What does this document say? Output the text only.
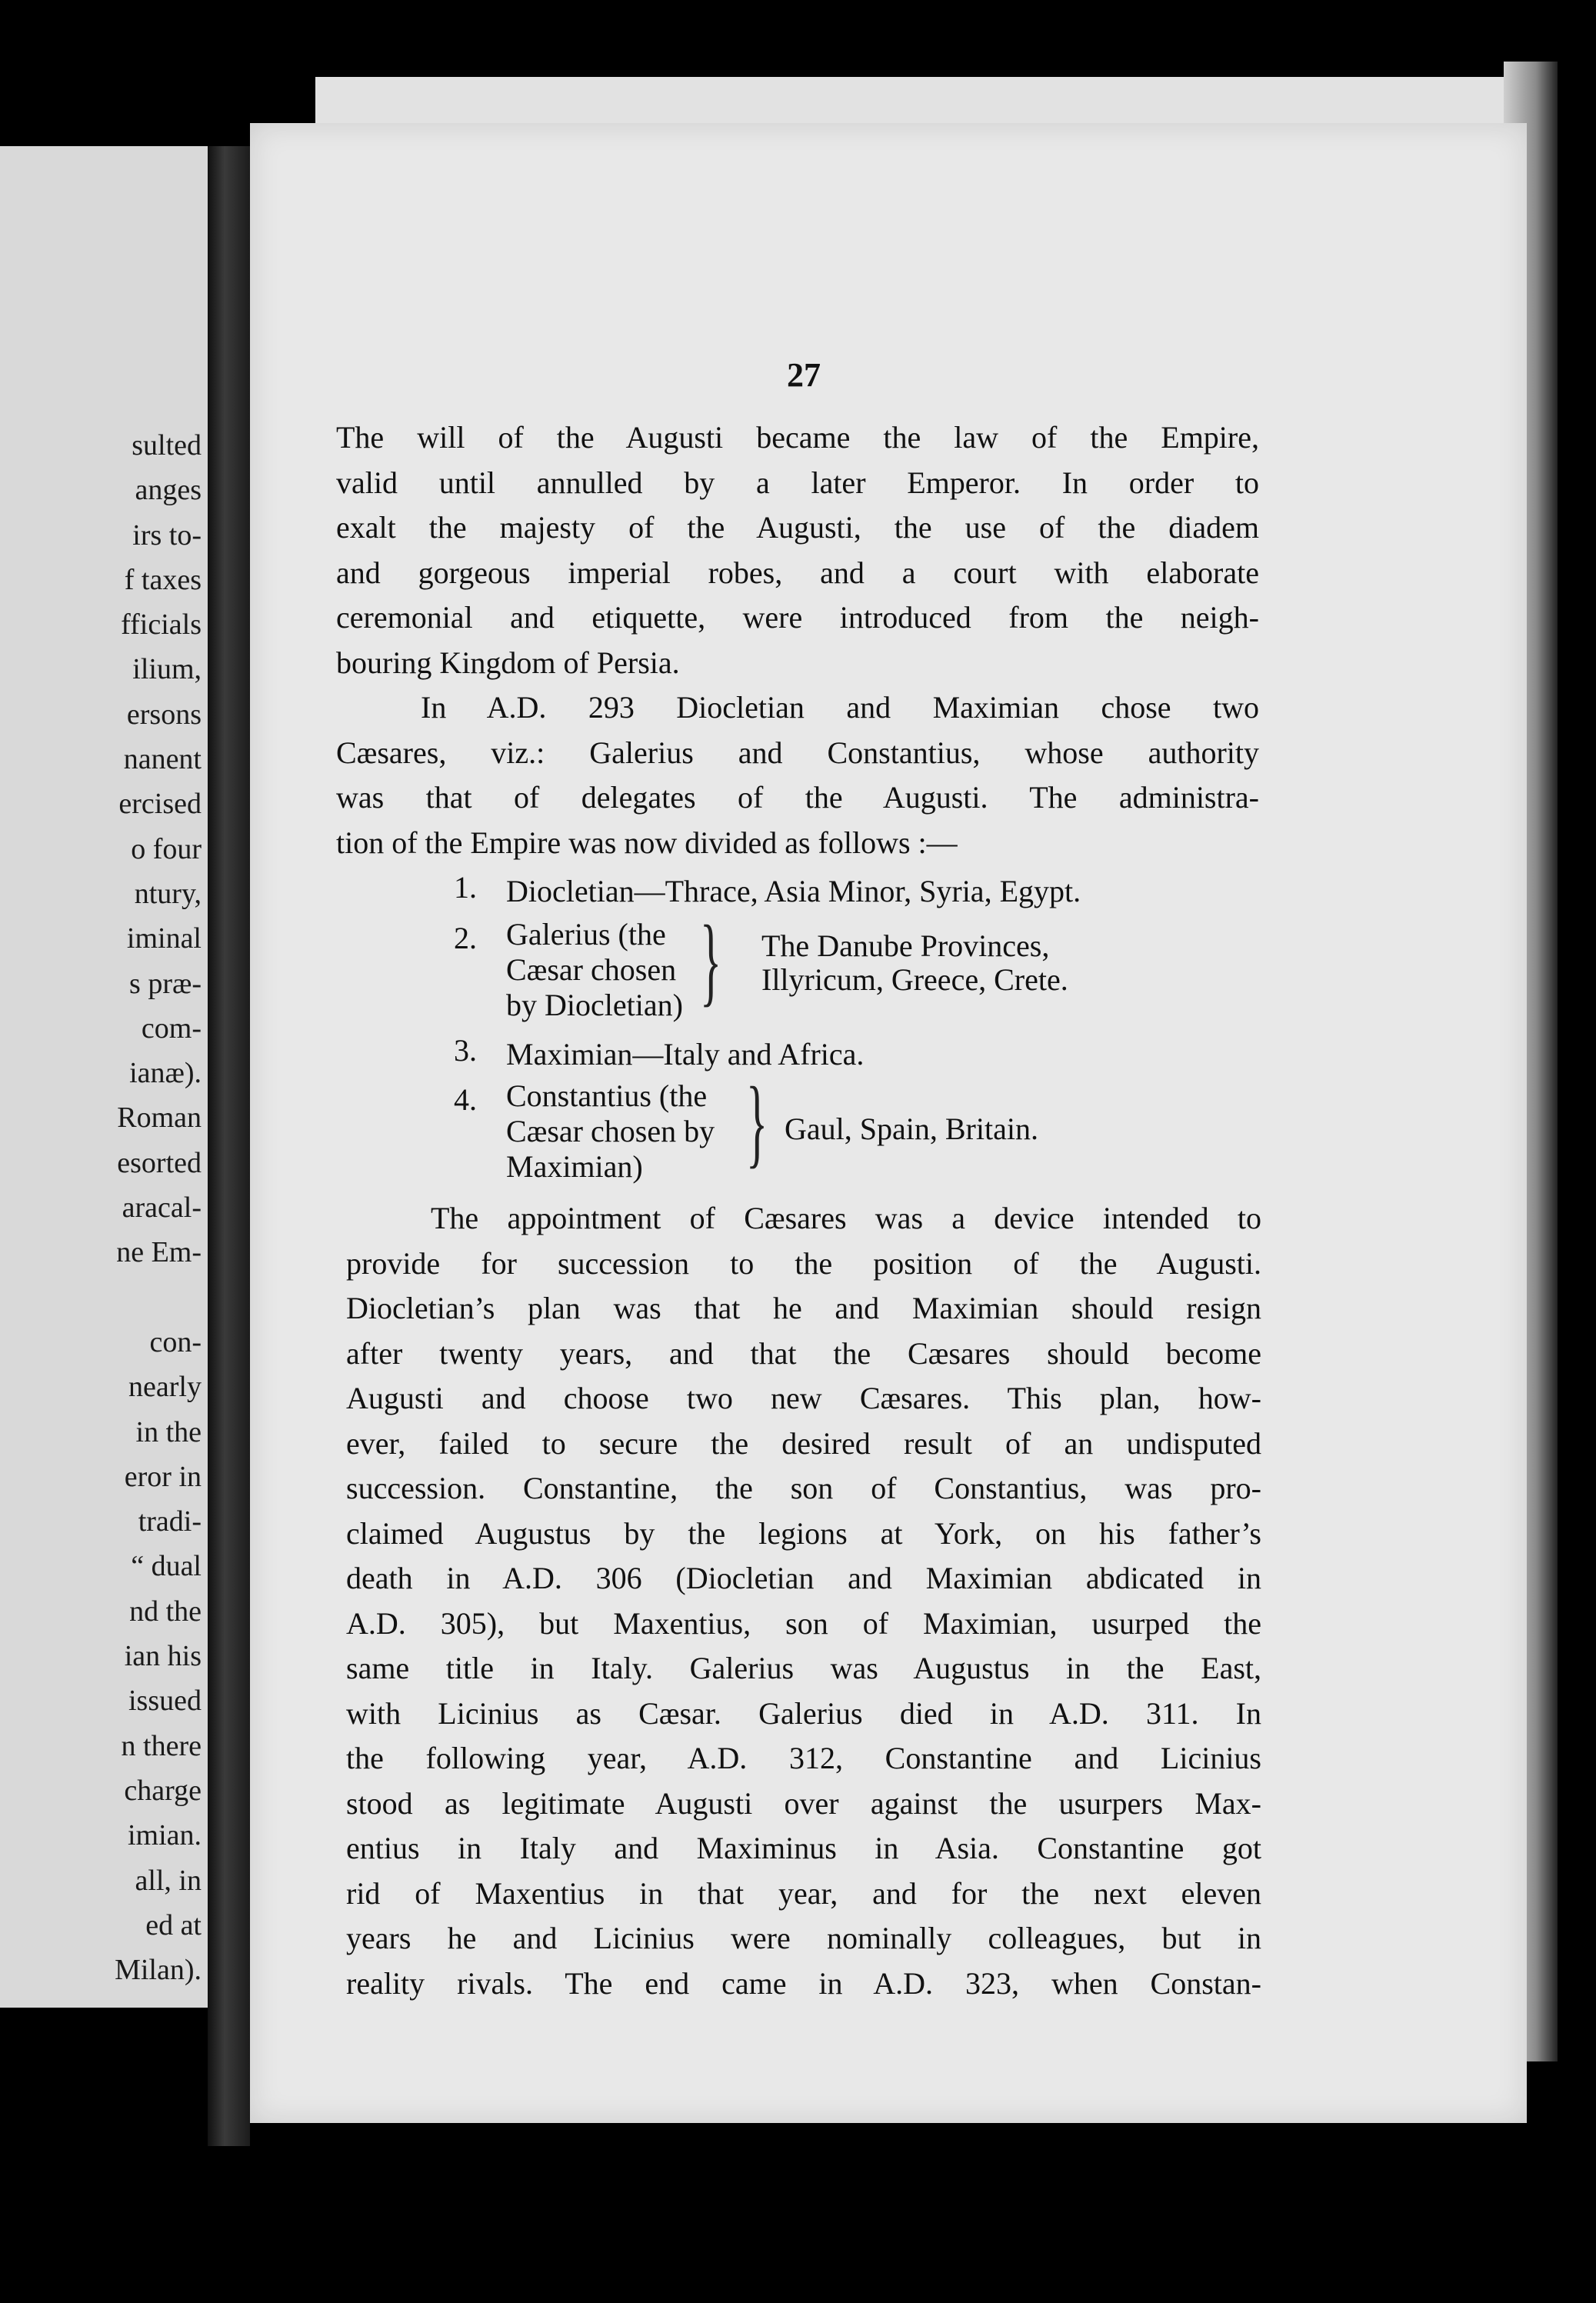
sulted
anges
irs to-
f taxes
fficials
ilium,
ersons
nanent
ercised
o four
ntury,
iminal
s præ-
com-
ianæ).
Roman
esorted
aracal-
ne Em-
con-
nearly
in the
eror in
tradi-
“ dual
nd the
ian his
issued
n there
charge
imian.
all, in
ed at
Milan).
27
The will of the Augusti became the law of the Empire,
valid until annulled by a later Emperor. In order to
exalt the majesty of the Augusti, the use of the diadem
and gorgeous imperial robes, and a court with elaborate
ceremonial and etiquette, were introduced from the neigh-
bouring Kingdom of Persia.
In A.D. 293 Diocletian and Maximian chose two
Cæsares, viz.: Galerius and Constantius, whose authority
was that of delegates of the Augusti. The administra-
tion of the Empire was now divided as follows :—
1. Diocletian—Thrace, Asia Minor, Syria, Egypt.
2. Galerius (the
Cæsar chosen
by Diocletian) } The Danube Provinces,
Illyricum, Greece, Crete.
3. Maximian—Italy and Africa.
4. Constantius (the
Cæsar chosen by
Maximian)	} Gaul, Spain, Britain.
The appointment of Cæsares was a device intended to
provide for succession to the position of the Augusti.
Diocletian’s plan was that he and Maximian should resign
after twenty years, and that the Cæsares should become
Augusti and choose two new Cæsares. This plan, how-
ever, failed to secure the desired result of an undisputed
succession. Constantine, the son of Constantius, was pro-
claimed Augustus by the legions at York, on his father’s
death in A.D. 306 (Diocletian and Maximian abdicated in
A.D. 305), but Maxentius, son of Maximian, usurped the
same title in Italy. Galerius was Augustus in the East,
with Licinius as Cæsar. Galerius died in A.D. 311. In
the following year, A.D. 312, Constantine and Licinius
stood as legitimate Augusti over against the usurpers Max-
entius in Italy and Maximinus in Asia. Constantine got
rid of Maxentius in that year, and for the next eleven
years he and Licinius were nominally colleagues, but in
reality rivals. The end came in A.D. 323, when Constan-
